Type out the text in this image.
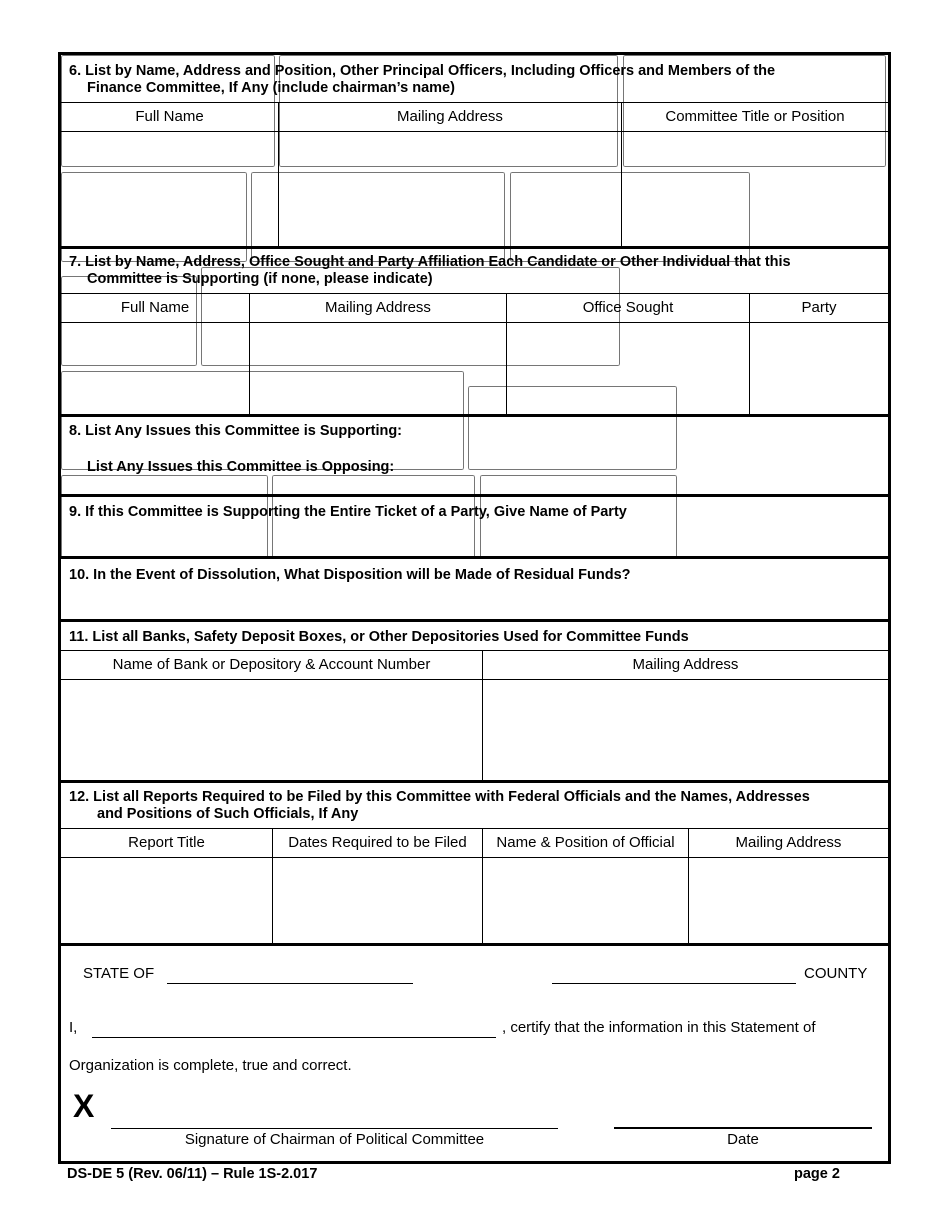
6. List by Name, Address and Position, Other Principal Officers, Including Officers and Members of the
Finance Committee, If Any (include chairman’s name)
Full Name	Mailing Address	Committee Title or Position

7. List by Name, Address, Office Sought and Party Affiliation Each Candidate or Other Individual that this
Committee is Supporting (if none, please indicate)
Full Name	Mailing Address	Office Sought	Party

8. List Any Issues this Committee is Supporting:
List Any Issues this Committee is Opposing:
9. If this Committee is Supporting the Entire Ticket of a Party, Give Name of Party
10. In the Event of Dissolution, What Disposition will be Made of Residual Funds?
11. List all Banks, Safety Deposit Boxes, or Other Depositories Used for Committee Funds
Name of Bank or Depository & Account Number	Mailing Address

12. List all Reports Required to be Filed by this Committee with Federal Officials and the Names, Addresses
and Positions of Such Officials, If Any
Report Title	Dates Required to be Filed	Name & Position of Official	Mailing Address

STATE OF	COUNTY
I,	, certify that the information in this Statement of
Organization is complete, true and correct.
X
Signature of Chairman of Political Committee	Date
DS-DE 5 (Rev. 06/11) – Rule 1S-2.017	page 2
